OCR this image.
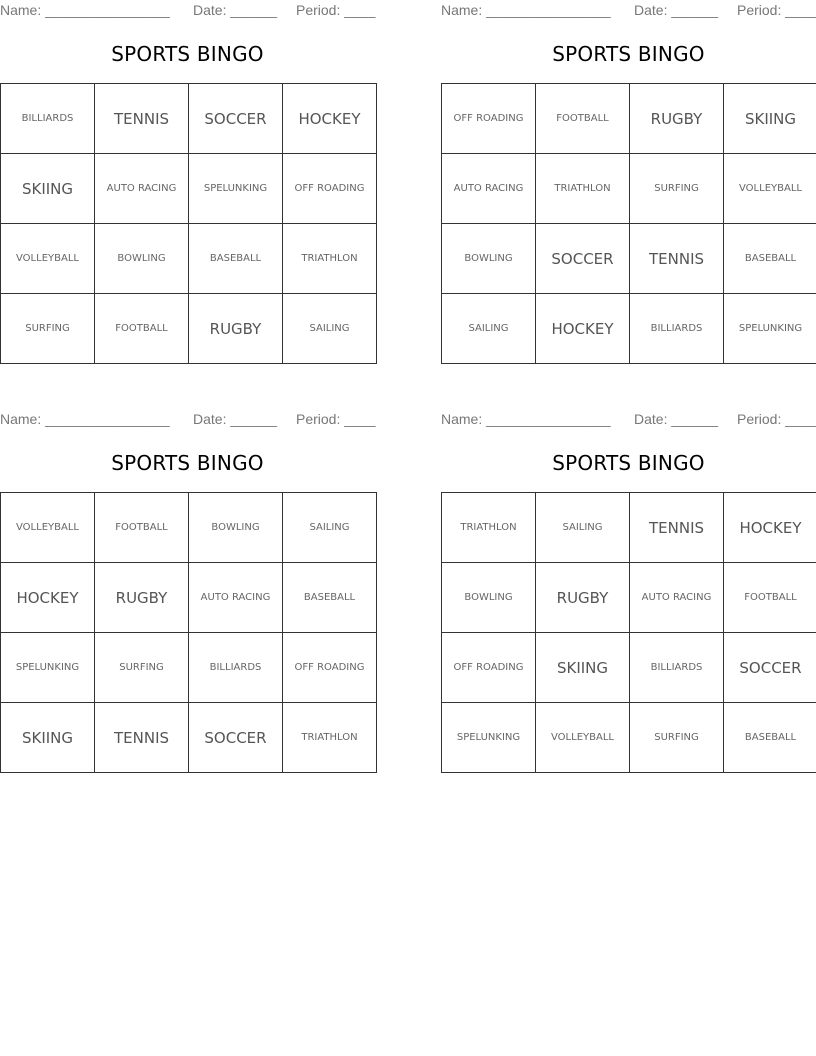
Name: ________________ Date: ______ Period: ____
SPORTS BINGO
BILLIARDS	TENNIS	SOCCER	HOCKEY
SKIING	AUTO RACING	SPELUNKING	OFF ROADING
VOLLEYBALL	BOWLING	BASEBALL	TRIATHLON
SURFING	FOOTBALL	RUGBY	SAILING
Name: ________________ Date: ______ Period: ____
SPORTS BINGO
OFF ROADING	FOOTBALL	RUGBY	SKIING
AUTO RACING	TRIATHLON	SURFING	VOLLEYBALL
BOWLING	SOCCER	TENNIS	BASEBALL
SAILING	HOCKEY	BILLIARDS	SPELUNKING
Name: ________________ Date: ______ Period: ____
SPORTS BINGO
VOLLEYBALL	FOOTBALL	BOWLING	SAILING
HOCKEY	RUGBY	AUTO RACING	BASEBALL
SPELUNKING	SURFING	BILLIARDS	OFF ROADING
SKIING	TENNIS	SOCCER	TRIATHLON
Name: ________________ Date: ______ Period: ____
SPORTS BINGO
TRIATHLON	SAILING	TENNIS	HOCKEY
BOWLING	RUGBY	AUTO RACING	FOOTBALL
OFF ROADING	SKIING	BILLIARDS	SOCCER
SPELUNKING	VOLLEYBALL	SURFING	BASEBALL
